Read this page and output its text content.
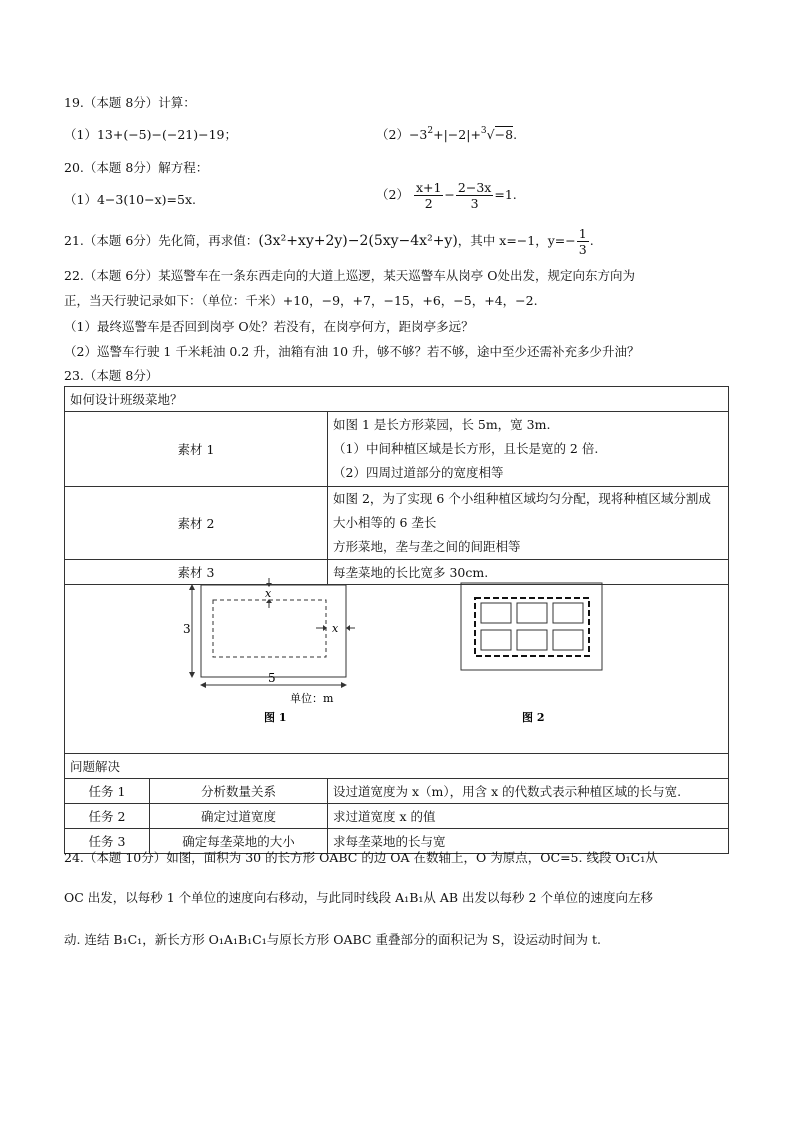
19.（本题 8分）计算：
（1）13+(−5)−(−21)−19；	$(2)-3^2+|-2|+^3√-8$.
20.（本题 8分）解方程：
（1）4−3(10−x)=5x.	$(2) \frac{x+1}{2} - \frac{2-3x}{3} =1$.
21.（本题 6分）先化简，再求值：(3x²+xy+2y)−2(5xy−4x²+y)，其中 x=−1，$y=- \frac{1}{3}$ .
22.（本题 6分）某巡警车在一条东西走向的大道上巡逻，某天巡警车从岗亭 O处出发，规定向东方向为
正，当天行驶记录如下：（单位：千米）+10，−9，+7，−15，+6，−5，+4，−2.
（1）最终巡警车是否回到岗亭 O处？若没有，在岗亭何方，距岗亭多远？
（2）巡警车行驶 1 千米耗油 0.2 升，油箱有油 10 升，够不够？若不够，途中至少还需补充多少升油？
23.（本题 8分）
如何设计班级菜地？		
素材 1		如图 1 是长方形菜园，长 5m，宽 3m.
（1）中间种植区域是长方形，且长是宽的 2 倍.
（2）四周过道部分的宽度相等

素材 2		如图 2，为了实现 6 个小组种植区域均匀分配，现将种植区域分割成大小相等的 6 垄长
方形菜地，垄与垄之间的间距相等

素材 3		每垄菜地的长比宽多 30cm.

问题解决		
任务 1	分析数量关系	设过道宽度为 x（m），用含 x 的代数式表示种植区域的长与宽.
任务 2	确定过道宽度	求过道宽度 x 的值
任务 3	确定每垄菜地的大小	求每垄菜地的长与宽
x
x
3
5
单位：m
图 1	图 2
24.（本题 10分）如图，面积为 30 的长方形 OABC 的边 OA 在数轴上，O 为原点，OC=5. 线段 O₁C₁从
OC 出发，以每秒 1 个单位的速度向右移动，与此同时线段 A₁B₁从 AB 出发以每秒 2 个单位的速度向左移
动. 连结 B₁C₁，新长方形 O₁A₁B₁C₁与原长方形 OABC 重叠部分的面积记为 S，设运动时间为 t.
